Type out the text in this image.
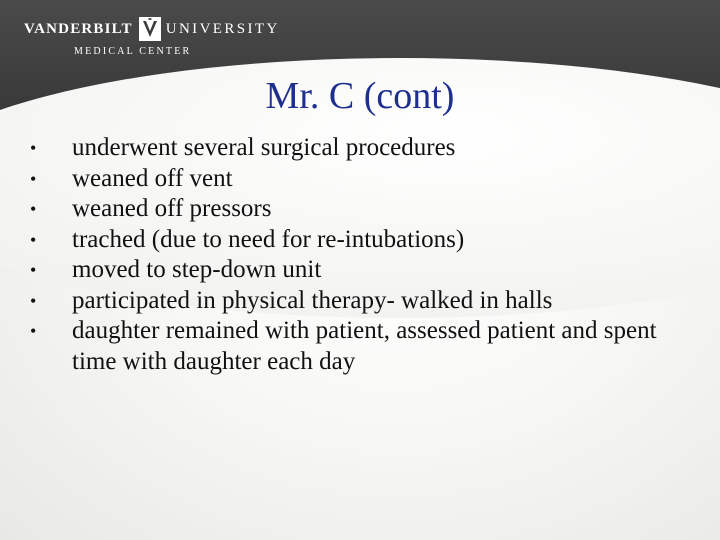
VANDERBILT UNIVERSITY
MEDICAL CENTER
Mr. C (cont)
•	underwent several surgical procedures
•	weaned off vent
•	weaned off pressors
•	trached (due to need for re-intubations)
•	moved to step-down unit
•	participated in physical therapy- walked in halls
•	daughter remained with patient, assessed patient and spent time with daughter each day
